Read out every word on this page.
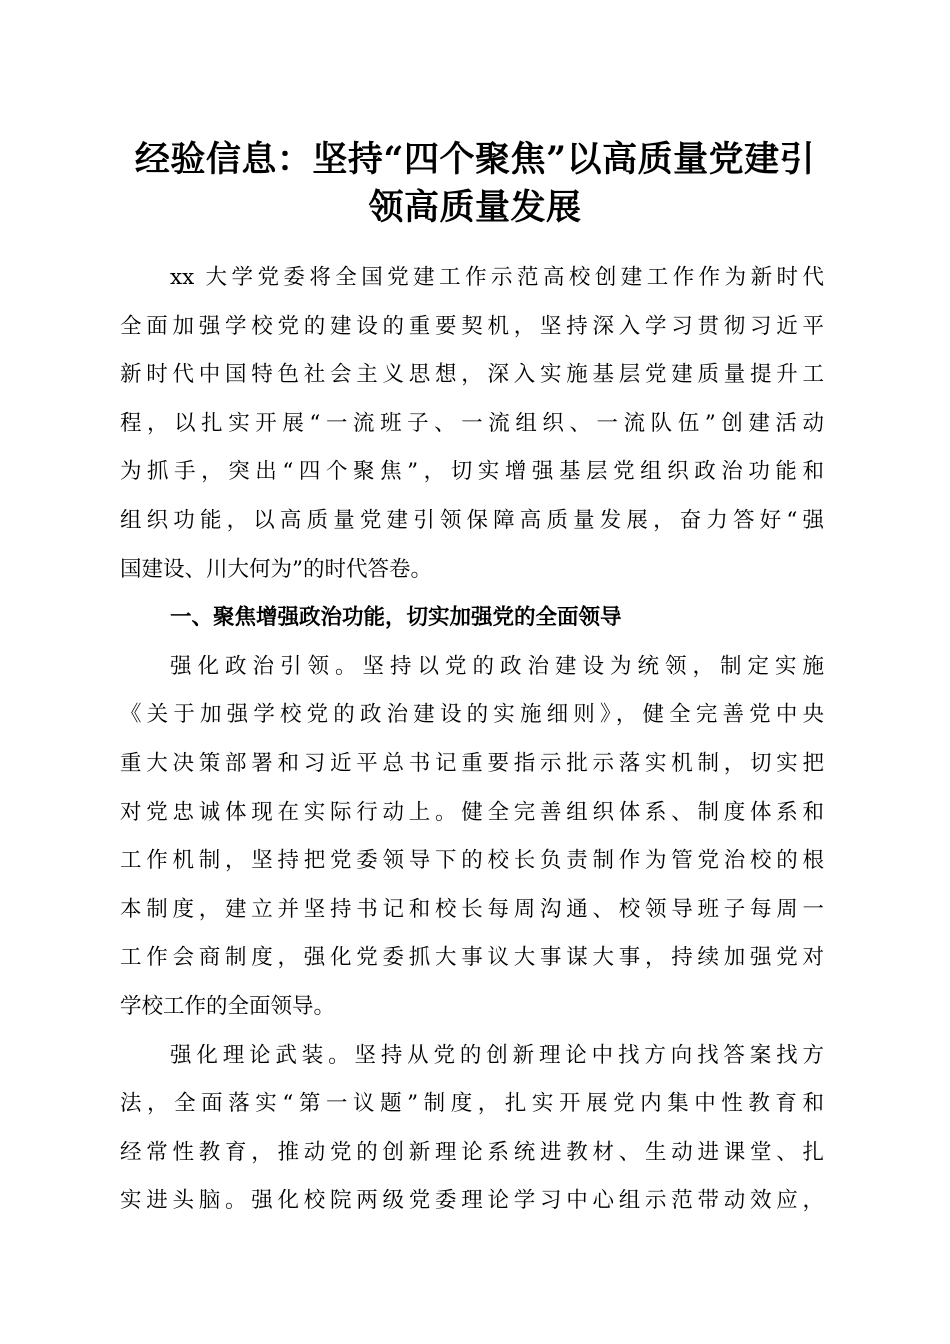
经验信息：坚持“四个聚焦”以高质量党建引
领高质量发展
xx 大学党委将全国党建工作示范高校创建工作作为新时代
全面加强学校党的建设的重要契机，坚持深入学习贯彻习近平
新时代中国特色社会主义思想，深入实施基层党建质量提升工
程，以扎实开展“一流班子、一流组织、一流队伍”创建活动
为抓手，突出“四个聚焦”，切实增强基层党组织政治功能和
组织功能，以高质量党建引领保障高质量发展，奋力答好“强
国建设、川大何为”的时代答卷。
一、聚焦增强政治功能，切实加强党的全面领导
强化政治引领。坚持以党的政治建设为统领，制定实施
《关于加强学校党的政治建设的实施细则》，健全完善党中央
重大决策部署和习近平总书记重要指示批示落实机制，切实把
对党忠诚体现在实际行动上。健全完善组织体系、制度体系和
工作机制，坚持把党委领导下的校长负责制作为管党治校的根
本制度，建立并坚持书记和校长每周沟通、校领导班子每周一
工作会商制度，强化党委抓大事议大事谋大事，持续加强党对
学校工作的全面领导。
强化理论武装。坚持从党的创新理论中找方向找答案找方
法，全面落实“第一议题”制度，扎实开展党内集中性教育和
经常性教育，推动党的创新理论系统进教材、生动进课堂、扎
实进头脑。强化校院两级党委理论学习中心组示范带动效应，
